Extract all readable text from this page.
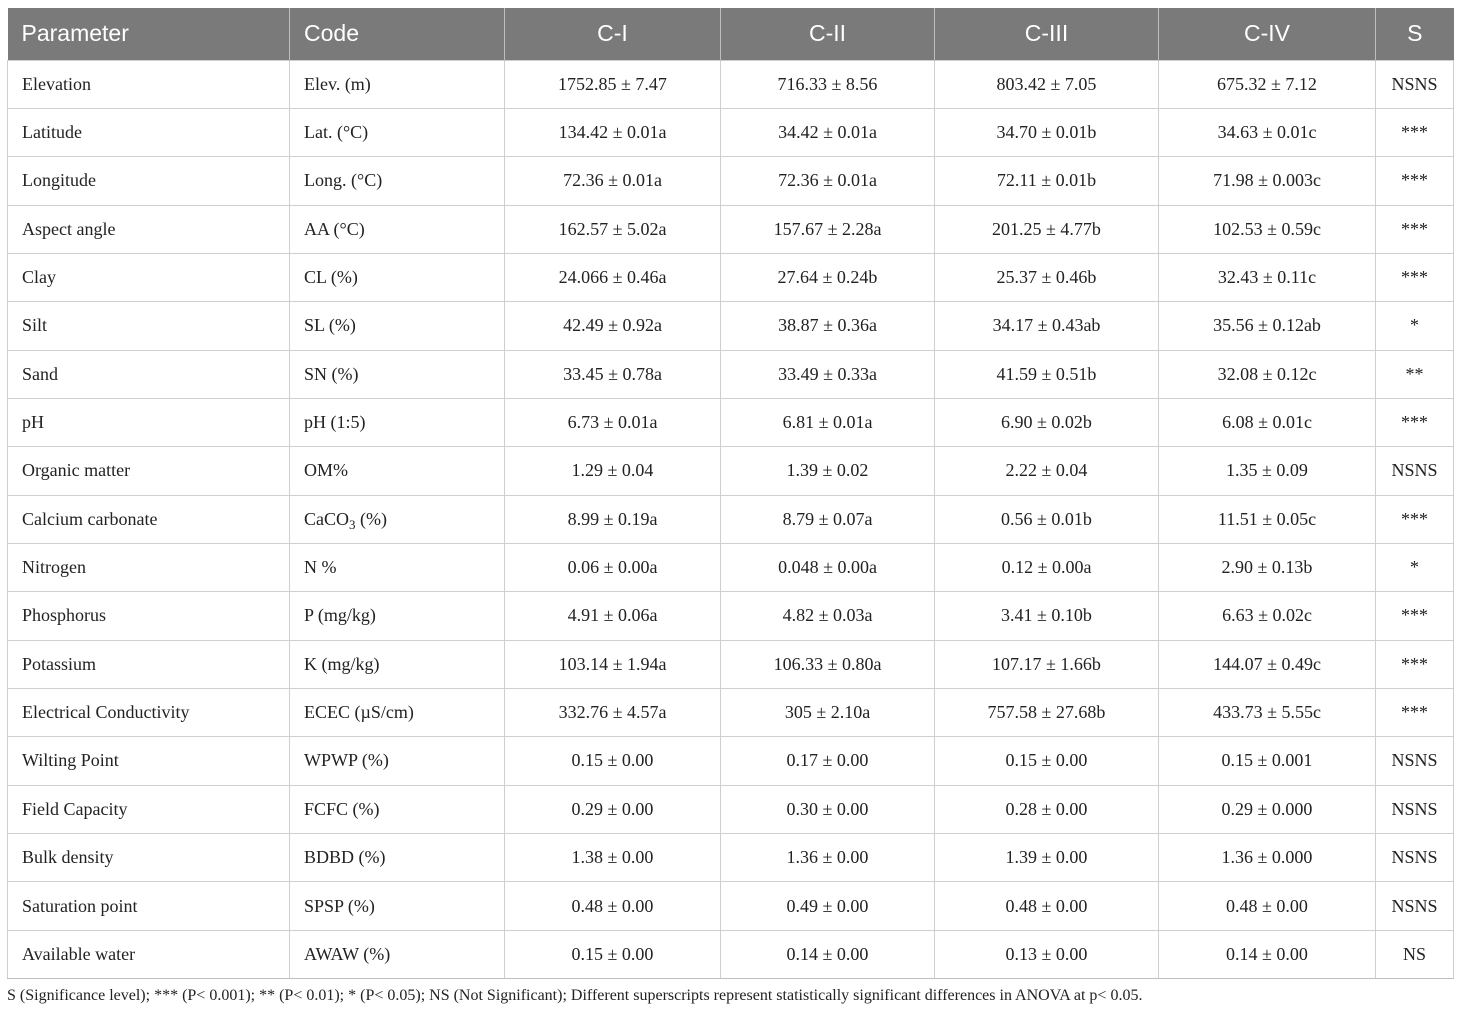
Parameter	Code	C-I	C-II	C-III	C-IV	S
Elevation	Elev. (m)	1752.85 ± 7.47	716.33 ± 8.56	803.42 ± 7.05	675.32 ± 7.12	NSNS
Latitude	Lat. (°C)	134.42 ± 0.01a	34.42 ± 0.01a	34.70 ± 0.01b	34.63 ± 0.01c	***
Longitude	Long. (°C)	72.36 ± 0.01a	72.36 ± 0.01a	72.11 ± 0.01b	71.98 ± 0.003c	***
Aspect angle	AA (°C)	162.57 ± 5.02a	157.67 ± 2.28a	201.25 ± 4.77b	102.53 ± 0.59c	***
Clay	CL (%)	24.066 ± 0.46a	27.64 ± 0.24b	25.37 ± 0.46b	32.43 ± 0.11c	***
Silt	SL (%)	42.49 ± 0.92a	38.87 ± 0.36a	34.17 ± 0.43ab	35.56 ± 0.12ab	*
Sand	SN (%)	33.45 ± 0.78a	33.49 ± 0.33a	41.59 ± 0.51b	32.08 ± 0.12c	**
pH	pH (1:5)	6.73 ± 0.01a	6.81 ± 0.01a	6.90 ± 0.02b	6.08 ± 0.01c	***
Organic matter	OM%	1.29 ± 0.04	1.39 ± 0.02	2.22 ± 0.04	1.35 ± 0.09	NSNS
Calcium carbonate	CaCO$_3$ (%)	8.99 ± 0.19a	8.79 ± 0.07a	0.56 ± 0.01b	11.51 ± 0.05c	***
Nitrogen	N %	0.06 ± 0.00a	0.048 ± 0.00a	0.12 ± 0.00a	2.90 ± 0.13b	*
Phosphorus	P (mg/kg)	4.91 ± 0.06a	4.82 ± 0.03a	3.41 ± 0.10b	6.63 ± 0.02c	***
Potassium	K (mg/kg)	103.14 ± 1.94a	106.33 ± 0.80a	107.17 ± 1.66b	144.07 ± 0.49c	***
Electrical Conductivity	ECEC (µS/cm)	332.76 ± 4.57a	305 ± 2.10a	757.58 ± 27.68b	433.73 ± 5.55c	***
Wilting Point	WPWP (%)	0.15 ± 0.00	0.17 ± 0.00	0.15 ± 0.00	0.15 ± 0.001	NSNS
Field Capacity	FCFC (%)	0.29 ± 0.00	0.30 ± 0.00	0.28 ± 0.00	0.29 ± 0.000	NSNS
Bulk density	BDBD (%)	1.38 ± 0.00	1.36 ± 0.00	1.39 ± 0.00	1.36 ± 0.000	NSNS
Saturation point	SPSP (%)	0.48 ± 0.00	0.49 ± 0.00	0.48 ± 0.00	0.48 ± 0.00	NSNS
Available water	AWAW (%)	0.15 ± 0.00	0.14 ± 0.00	0.13 ± 0.00	0.14 ± 0.00	NS
S (Significance level); *** (P< 0.001); ** (P< 0.01); * (P< 0.05); NS (Not Significant); Different superscripts represent statistically significant differences in ANOVA at p< 0.05.
